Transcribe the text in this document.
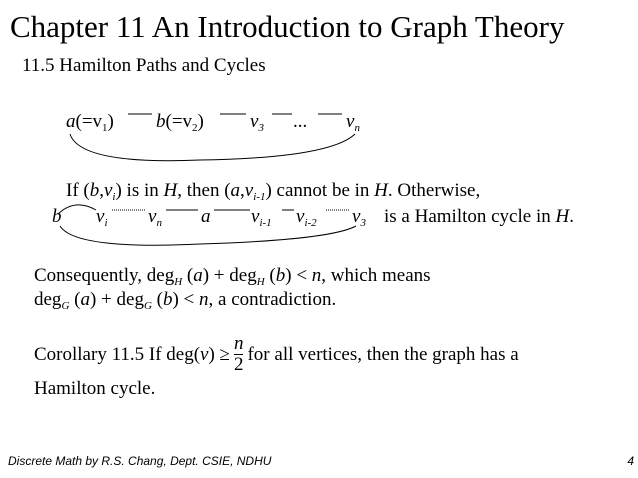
Chapter 11 An Introduction to Graph Theory
11.5 Hamilton Paths and Cycles
$a(=v_1)$ $b(=v_2)$ $v_3$ ... $v_n$
If $(b,v_i)$ is in H, then $(a,v_{i-1})$ cannot be in H. Otherwise,
b $v_i$ $v_n$ a $v_{i-1}$ $v_{i-2}$ $v_3$ is a Hamilton cycle in H.
Consequently, deg$_H$ (a) + deg$_H$ (b) < n, which means
deg$_G$ (a) + deg$_G$ (b) < n, a contradiction.
Corollary 11.5 If deg( v ) ≥ $\frac{n}{2}$ for all vertices, then the graph has a
Hamilton cycle.
Discrete Math by R.S. Chang, Dept. CSIE, NDHU	4
